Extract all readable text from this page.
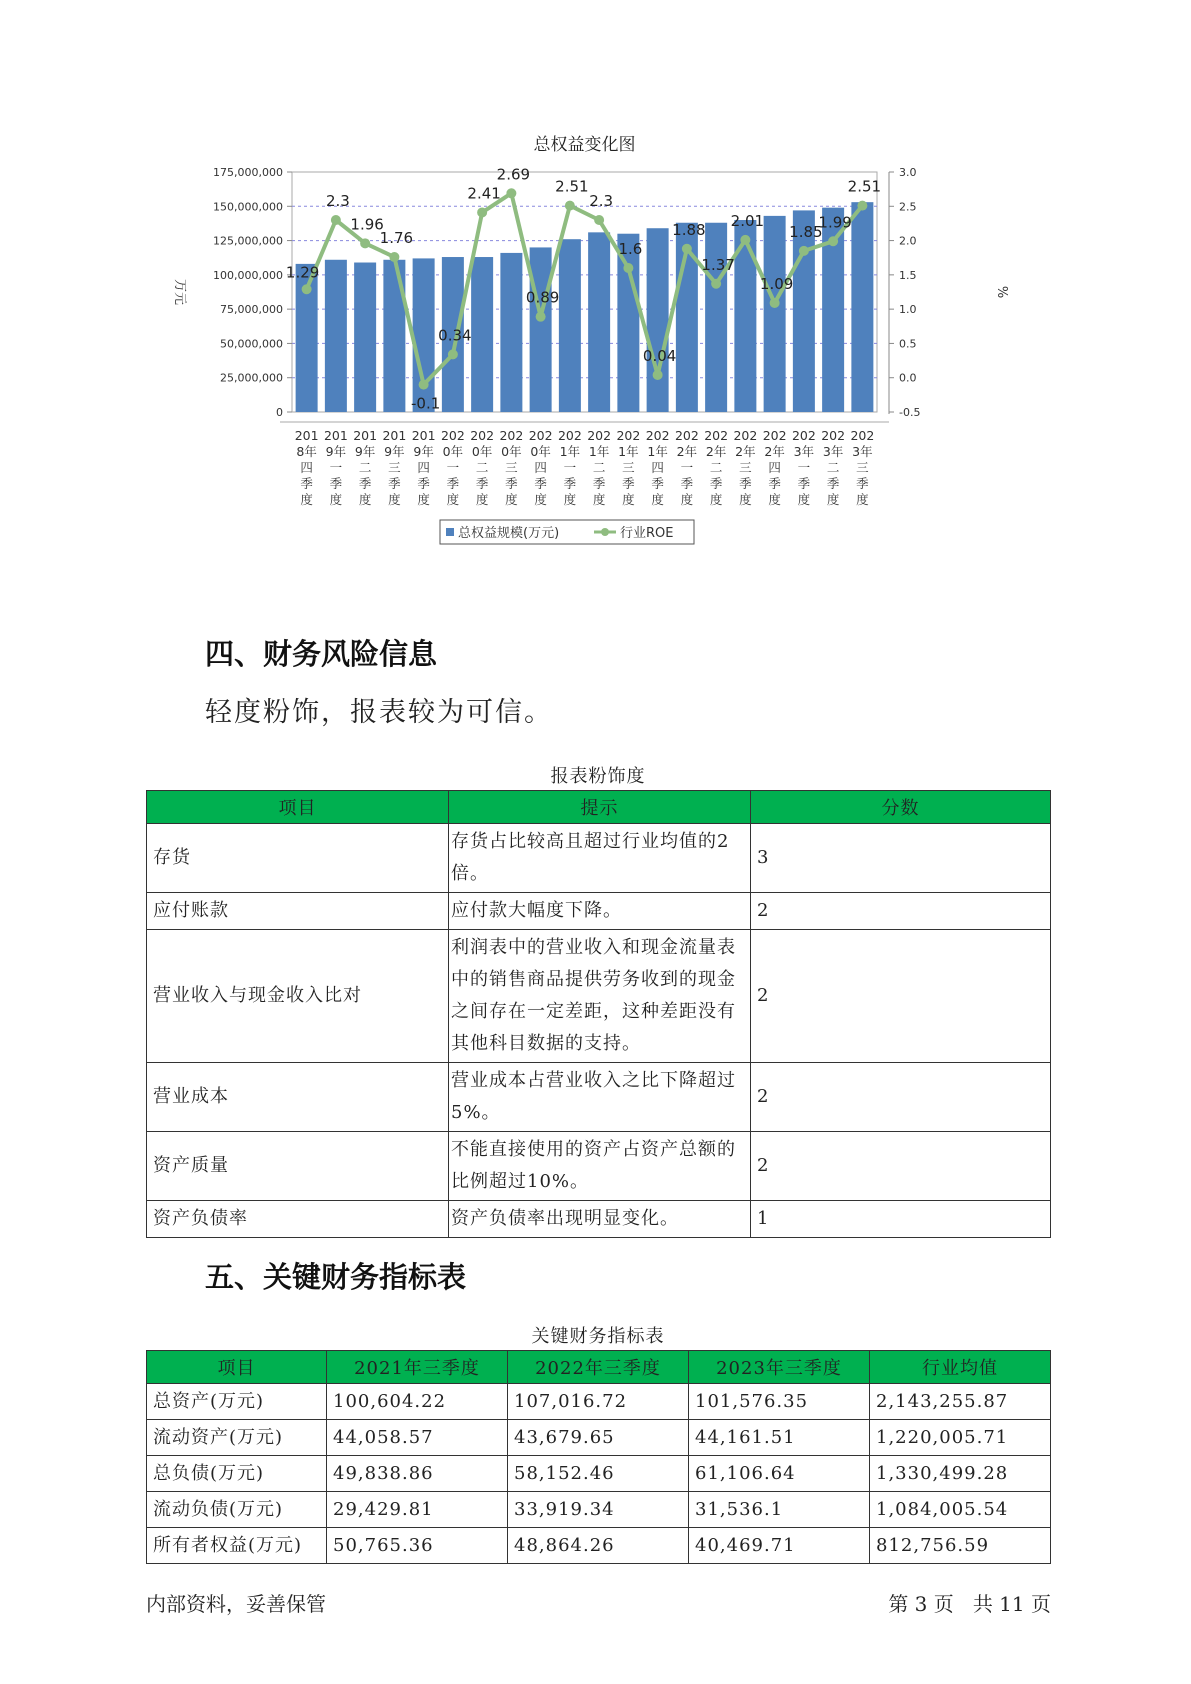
总权益变化图
0
25,000,000
50,000,000
75,000,000
100,000,000
125,000,000
150,000,000
175,000,000
-0.5
0.0
0.5
1.0
1.5
2.0
2.5
3.0
万元	%
201 8年四季度
201 9年一季度
201 9年二季度
201 9年三季度
201 9年四季度
202 0年一季度
202 0年二季度
202 0年三季度
202 0年四季度
202 1年一季度
202 1年二季度
202 1年三季度
202 1年四季度
202 2年一季度
202 2年二季度
202 2年三季度
202 2年四季度
202 3年一季度
202 3年二季度
202 3年三季度
1.29
2.3
1.96
1.76
-0.1
0.34
2.41
2.69
0.89
2.51
2.3
1.6
0.04
1.88
1.37
2.01
1.09
1.85
1.99
2.51
总权益规模(万元)	行业ROE
四、财务风险信息
轻度粉饰，报表较为可信。
报表粉饰度
项目	提示	分数
存货	存货占比较高且超过行业均值的2倍。	3
应付账款	应付款大幅度下降。	2
营业收入与现金收入比对	利润表中的营业收入和现金流量表中的销售商品提供劳务收到的现金之间存在一定差距，这种差距没有其他科目数据的支持。	2
营业成本	营业成本占营业收入之比下降超过5%。	2
资产质量	不能直接使用的资产占资产总额的比例超过10%。	2
资产负债率	资产负债率出现明显变化。	1
五、关键财务指标表
关键财务指标表
项目	2021年三季度	2022年三季度	2023年三季度	行业均值
总资产(万元)	100,604.22	107,016.72	101,576.35	2,143,255.87
流动资产(万元)	44,058.57	43,679.65	44,161.51	1,220,005.71
总负债(万元)	49,838.86	58,152.46	61,106.64	1,330,499.28
流动负债(万元)	29,429.81	33,919.34	31,536.1	1,084,005.54
所有者权益(万元)	50,765.36	48,864.26	40,469.71	812,756.59
内部资料，妥善保管	第 3 页   共 11 页
